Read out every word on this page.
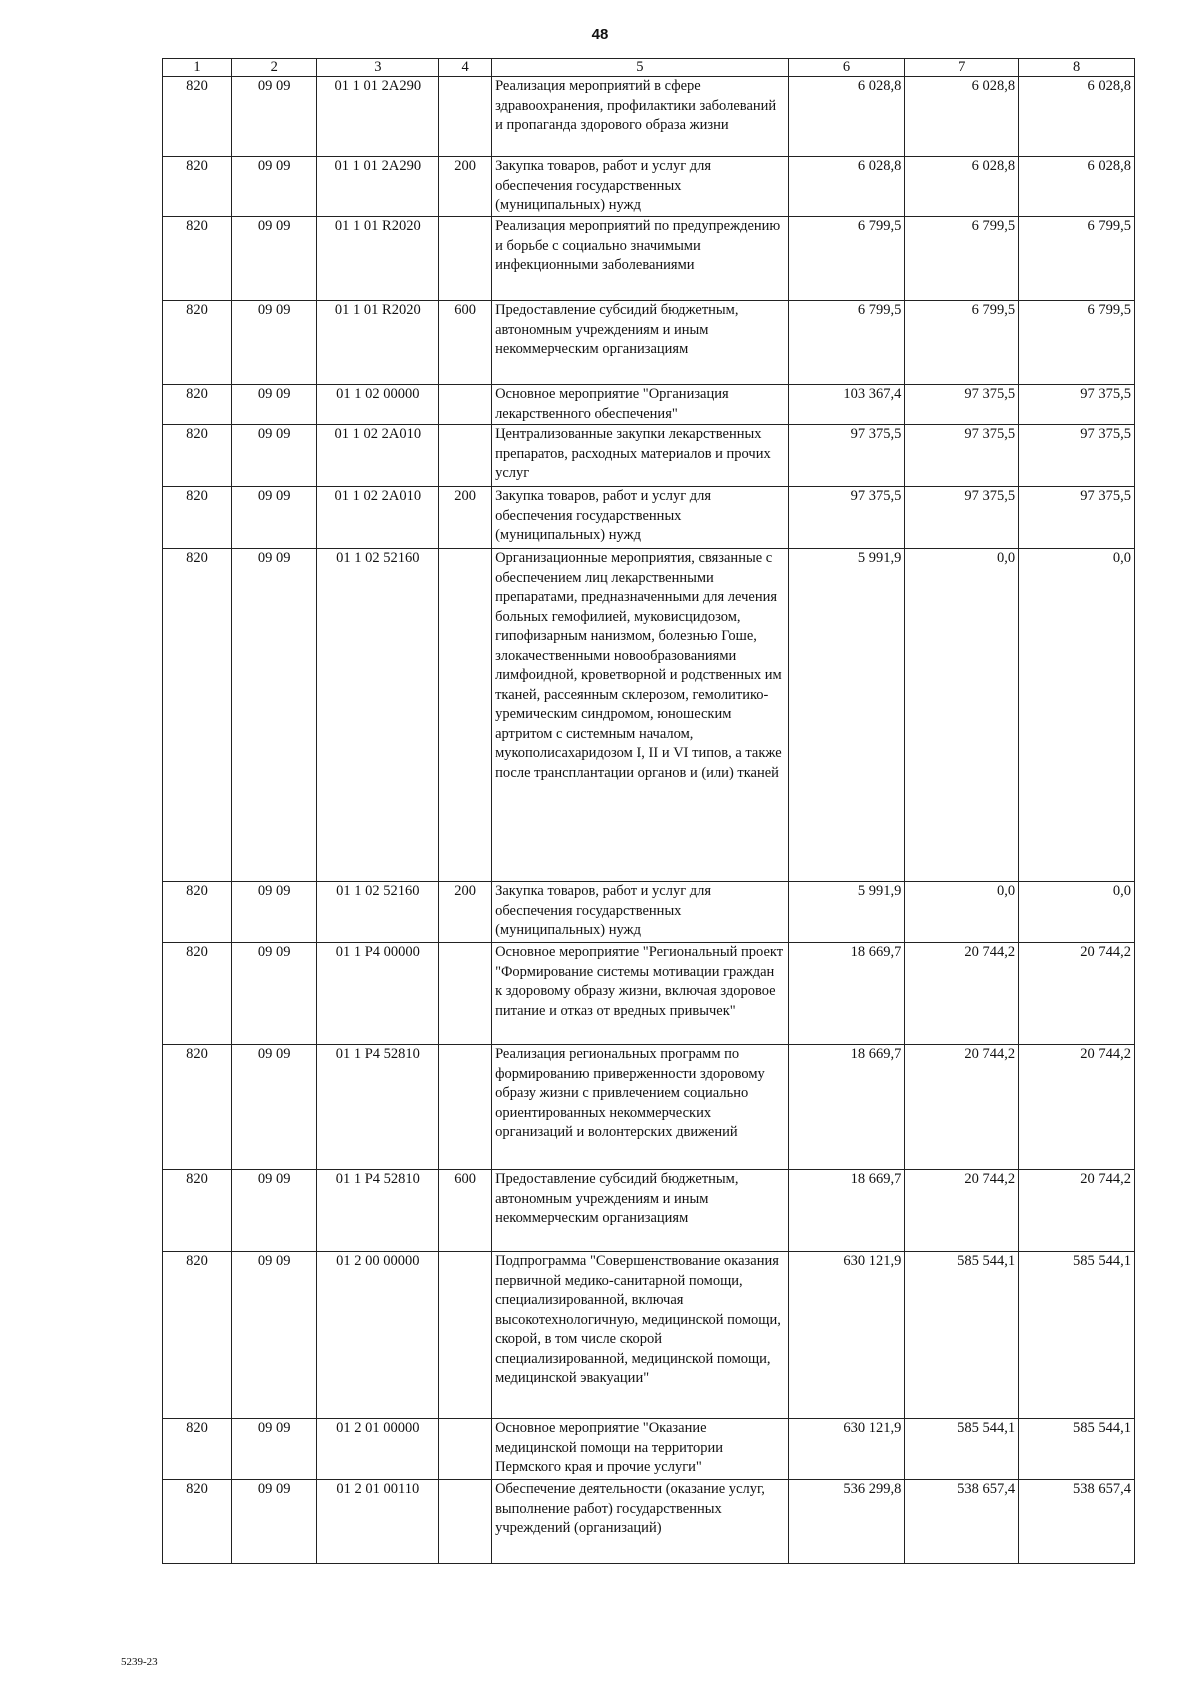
48
1	2	3	4	5	6	7	8
820	09 09	01 1 01 2A290		Реализация мероприятий в сфере здравоохранения, профилактики заболеваний и пропаганда здорового образа жизни	6 028,8	6 028,8	6 028,8
820	09 09	01 1 01 2A290	200	Закупка товаров, работ и услуг для обеспечения государственных (муниципальных) нужд	6 028,8	6 028,8	6 028,8
820	09 09	01 1 01 R2020		Реализация мероприятий по предупреждению и борьбе с социально значимыми инфекционными заболеваниями	6 799,5	6 799,5	6 799,5
820	09 09	01 1 01 R2020	600	Предоставление субсидий бюджетным, автономным учреждениям и иным некоммерческим организациям	6 799,5	6 799,5	6 799,5
820	09 09	01 1 02 00000		Основное мероприятие "Организация лекарственного обеспечения"	103 367,4	97 375,5	97 375,5
820	09 09	01 1 02 2A010		Централизованные закупки лекарственных препаратов, расходных материалов и прочих услуг	97 375,5	97 375,5	97 375,5
820	09 09	01 1 02 2A010	200	Закупка товаров, работ и услуг для обеспечения государственных (муниципальных) нужд	97 375,5	97 375,5	97 375,5
820	09 09	01 1 02 52160		Организационные мероприятия, связанные с обеспечением лиц лекарственными препаратами, предназначенными для лечения больных гемофилией, муковисцидозом, гипофизарным нанизмом, болезнью Гоше, злокачественными новообразованиями лимфоидной, кроветворной и родственных им тканей, рассеянным склерозом, гемолитико-уремическим синдромом, юношеским артритом с системным началом, мукополисахаридозом I, II и VI типов, а также после трансплантации органов и (или) тканей	5 991,9	0,0	0,0
820	09 09	01 1 02 52160	200	Закупка товаров, работ и услуг для обеспечения государственных (муниципальных) нужд	5 991,9	0,0	0,0
820	09 09	01 1 P4 00000		Основное мероприятие "Региональный проект "Формирование системы мотивации граждан к здоровому образу жизни, включая здоровое питание и отказ от вредных привычек"	18 669,7	20 744,2	20 744,2
820	09 09	01 1 P4 52810		Реализация региональных программ по формированию приверженности здоровому образу жизни с привлечением социально ориентированных некоммерческих организаций и волонтерских движений	18 669,7	20 744,2	20 744,2
820	09 09	01 1 P4 52810	600	Предоставление субсидий бюджетным, автономным учреждениям и иным некоммерческим организациям	18 669,7	20 744,2	20 744,2
820	09 09	01 2 00 00000		Подпрограмма "Совершенствование оказания первичной медико-санитарной помощи, специализированной, включая высокотехнологичную, медицинской помощи, скорой, в том числе скорой специализированной, медицинской помощи, медицинской эвакуации"	630 121,9	585 544,1	585 544,1
820	09 09	01 2 01 00000		Основное мероприятие "Оказание медицинской помощи на территории Пермского края и прочие услуги"	630 121,9	585 544,1	585 544,1
820	09 09	01 2 01 00110		Обеспечение деятельности (оказание услуг, выполнение работ) государственных учреждений (организаций)	536 299,8	538 657,4	538 657,4
5239-23
